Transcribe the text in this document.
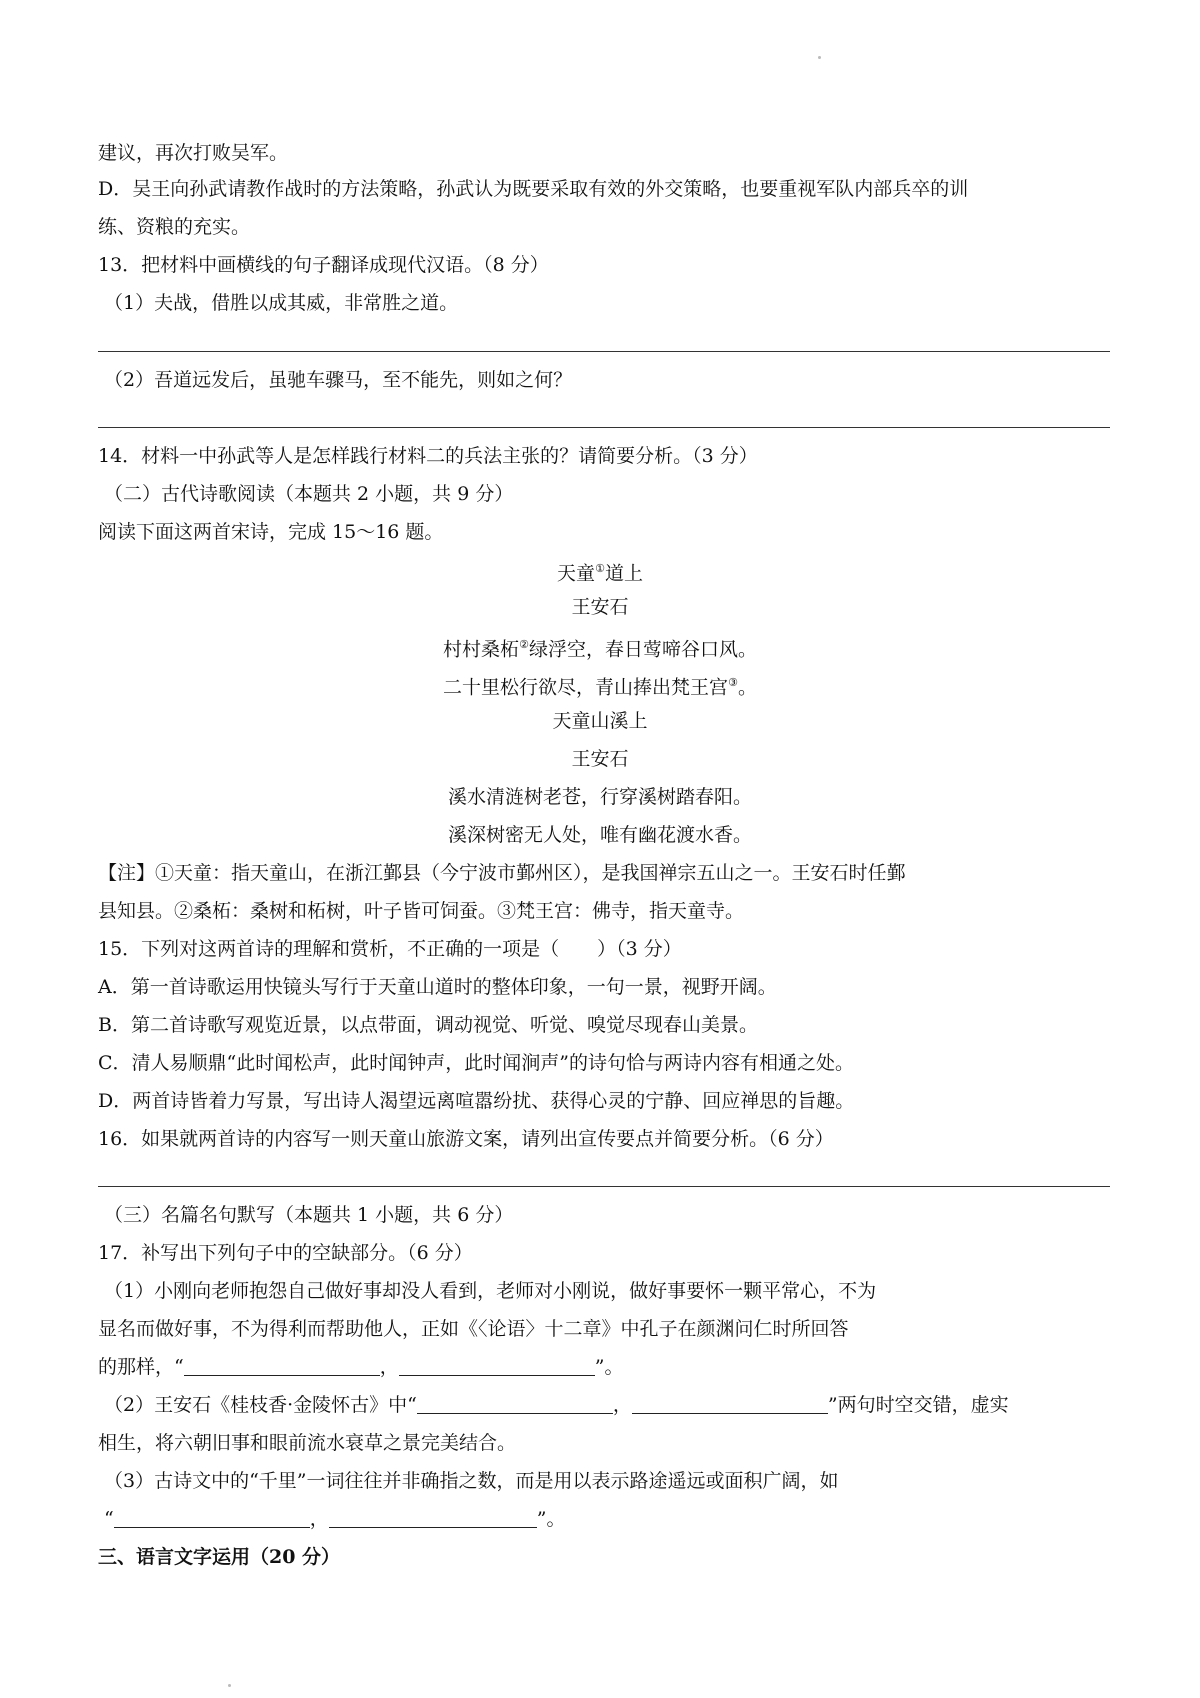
建议，再次打败吴军。
D．吴王向孙武请教作战时的方法策略，孙武认为既要采取有效的外交策略，也要重视军队内部兵卒的训
练、资粮的充实。
13．把材料中画横线的句子翻译成现代汉语。（8 分）
（1）夫战，借胜以成其威，非常胜之道。
（2）吾道远发后，虽驰车骤马，至不能先，则如之何？
14．材料一中孙武等人是怎样践行材料二的兵法主张的？请简要分析。（3 分）
（二）古代诗歌阅读（本题共 2 小题，共 9 分）
阅读下面这两首宋诗，完成 15～16 题。
天童①道上
王安石
村村桑柘②绿浮空，春日莺啼谷口风。
二十里松行欲尽，青山捧出梵王宫③。
天童山溪上
王安石
溪水清涟树老苍，行穿溪树踏春阳。
溪深树密无人处，唯有幽花渡水香。
【注】①天童：指天童山，在浙江鄞县（今宁波市鄞州区），是我国禅宗五山之一。王安石时任鄞
县知县。②桑柘：桑树和柘树，叶子皆可饲蚕。③梵王宫：佛寺，指天童寺。
15．下列对这两首诗的理解和赏析，不正确的一项是（　　）（3 分）
A．第一首诗歌运用快镜头写行于天童山道时的整体印象，一句一景，视野开阔。
B．第二首诗歌写观览近景，以点带面，调动视觉、听觉、嗅觉尽现春山美景。
C．清人易顺鼎“此时闻松声，此时闻钟声，此时闻涧声”的诗句恰与两诗内容有相通之处。
D．两首诗皆着力写景，写出诗人渴望远离喧嚣纷扰、获得心灵的宁静、回应禅思的旨趣。
16．如果就两首诗的内容写一则天童山旅游文案，请列出宣传要点并简要分析。（6 分）
（三）名篇名句默写（本题共 1 小题，共 6 分）
17．补写出下列句子中的空缺部分。（6 分）
（1）小刚向老师抱怨自己做好事却没人看到，老师对小刚说，做好事要怀一颗平常心，不为
显名而做好事，不为得利而帮助他人，正如《〈论语〉十二章》中孔子在颜渊问仁时所回答
的那样，“	，	”。
（2）王安石《桂枝香·金陵怀古》中“	，	”两句时空交错，虚实
相生，将六朝旧事和眼前流水衰草之景完美结合。
（3）古诗文中的“千里”一词往往并非确指之数，而是用以表示路途遥远或面积广阔，如
“	，	”。
三、语言文字运用（20 分）
